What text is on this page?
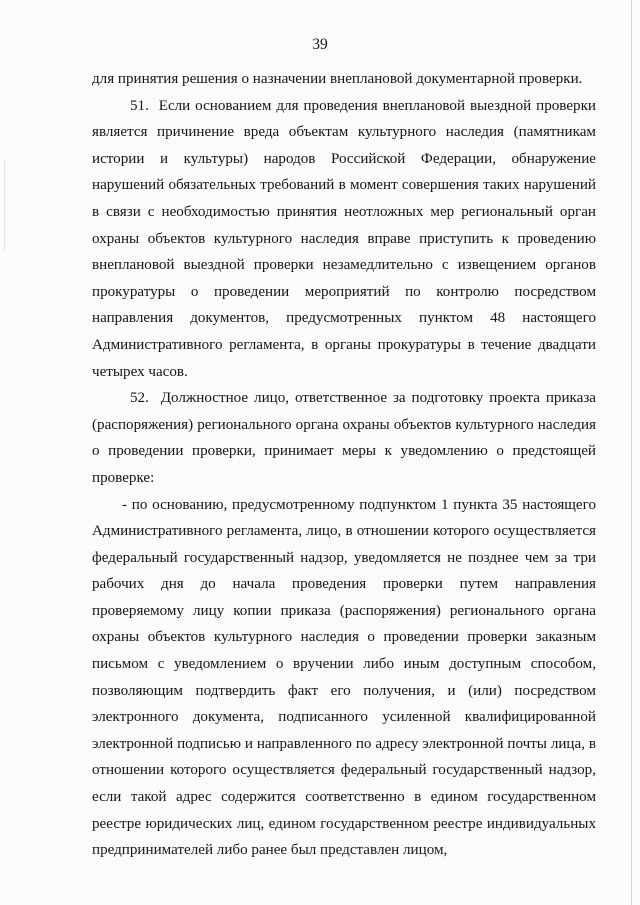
39

для принятия решения о назначении внеплановой документарной проверки.

51.  Если основанием для проведения внеплановой выездной проверки является причинение вреда объектам культурного наследия (памятникам истории и культуры) народов Российской Федерации, обнаружение нарушений обязательных требований в момент совершения таких нарушений в связи с необходимостью принятия неотложных мер региональный орган охраны объектов культурного наследия вправе приступить к проведению внеплановой выездной проверки незамедлительно с извещением органов прокуратуры о проведении мероприятий по контролю посредством направления документов, предусмотренных пунктом 48 настоящего Административного регламента, в органы прокуратуры в течение двадцати четырех часов.

52.  Должностное лицо, ответственное за подготовку проекта приказа (распоряжения) регионального органа охраны объектов культурного наследия о проведении проверки, принимает меры к уведомлению о предстоящей проверке:

- по основанию, предусмотренному подпунктом 1 пункта 35 настоящего Административного регламента, лицо, в отношении которого осуществляется федеральный государственный надзор, уведомляется не позднее чем за три рабочих дня до начала проведения проверки путем направления проверяемому лицу копии приказа (распоряжения) регионального органа охраны объектов культурного наследия о проведении проверки заказным письмом с уведомлением о вручении либо иным доступным способом, позволяющим подтвердить факт его получения, и (или) посредством электронного документа, подписанного усиленной квалифицированной электронной подписью и направленного по адресу электронной почты лица, в отношении которого осуществляется федеральный государственный надзор, если такой адрес содержится соответственно в едином государственном реестре юридических лиц, едином государственном реестре индивидуальных предпринимателей либо ранее был представлен лицом,
